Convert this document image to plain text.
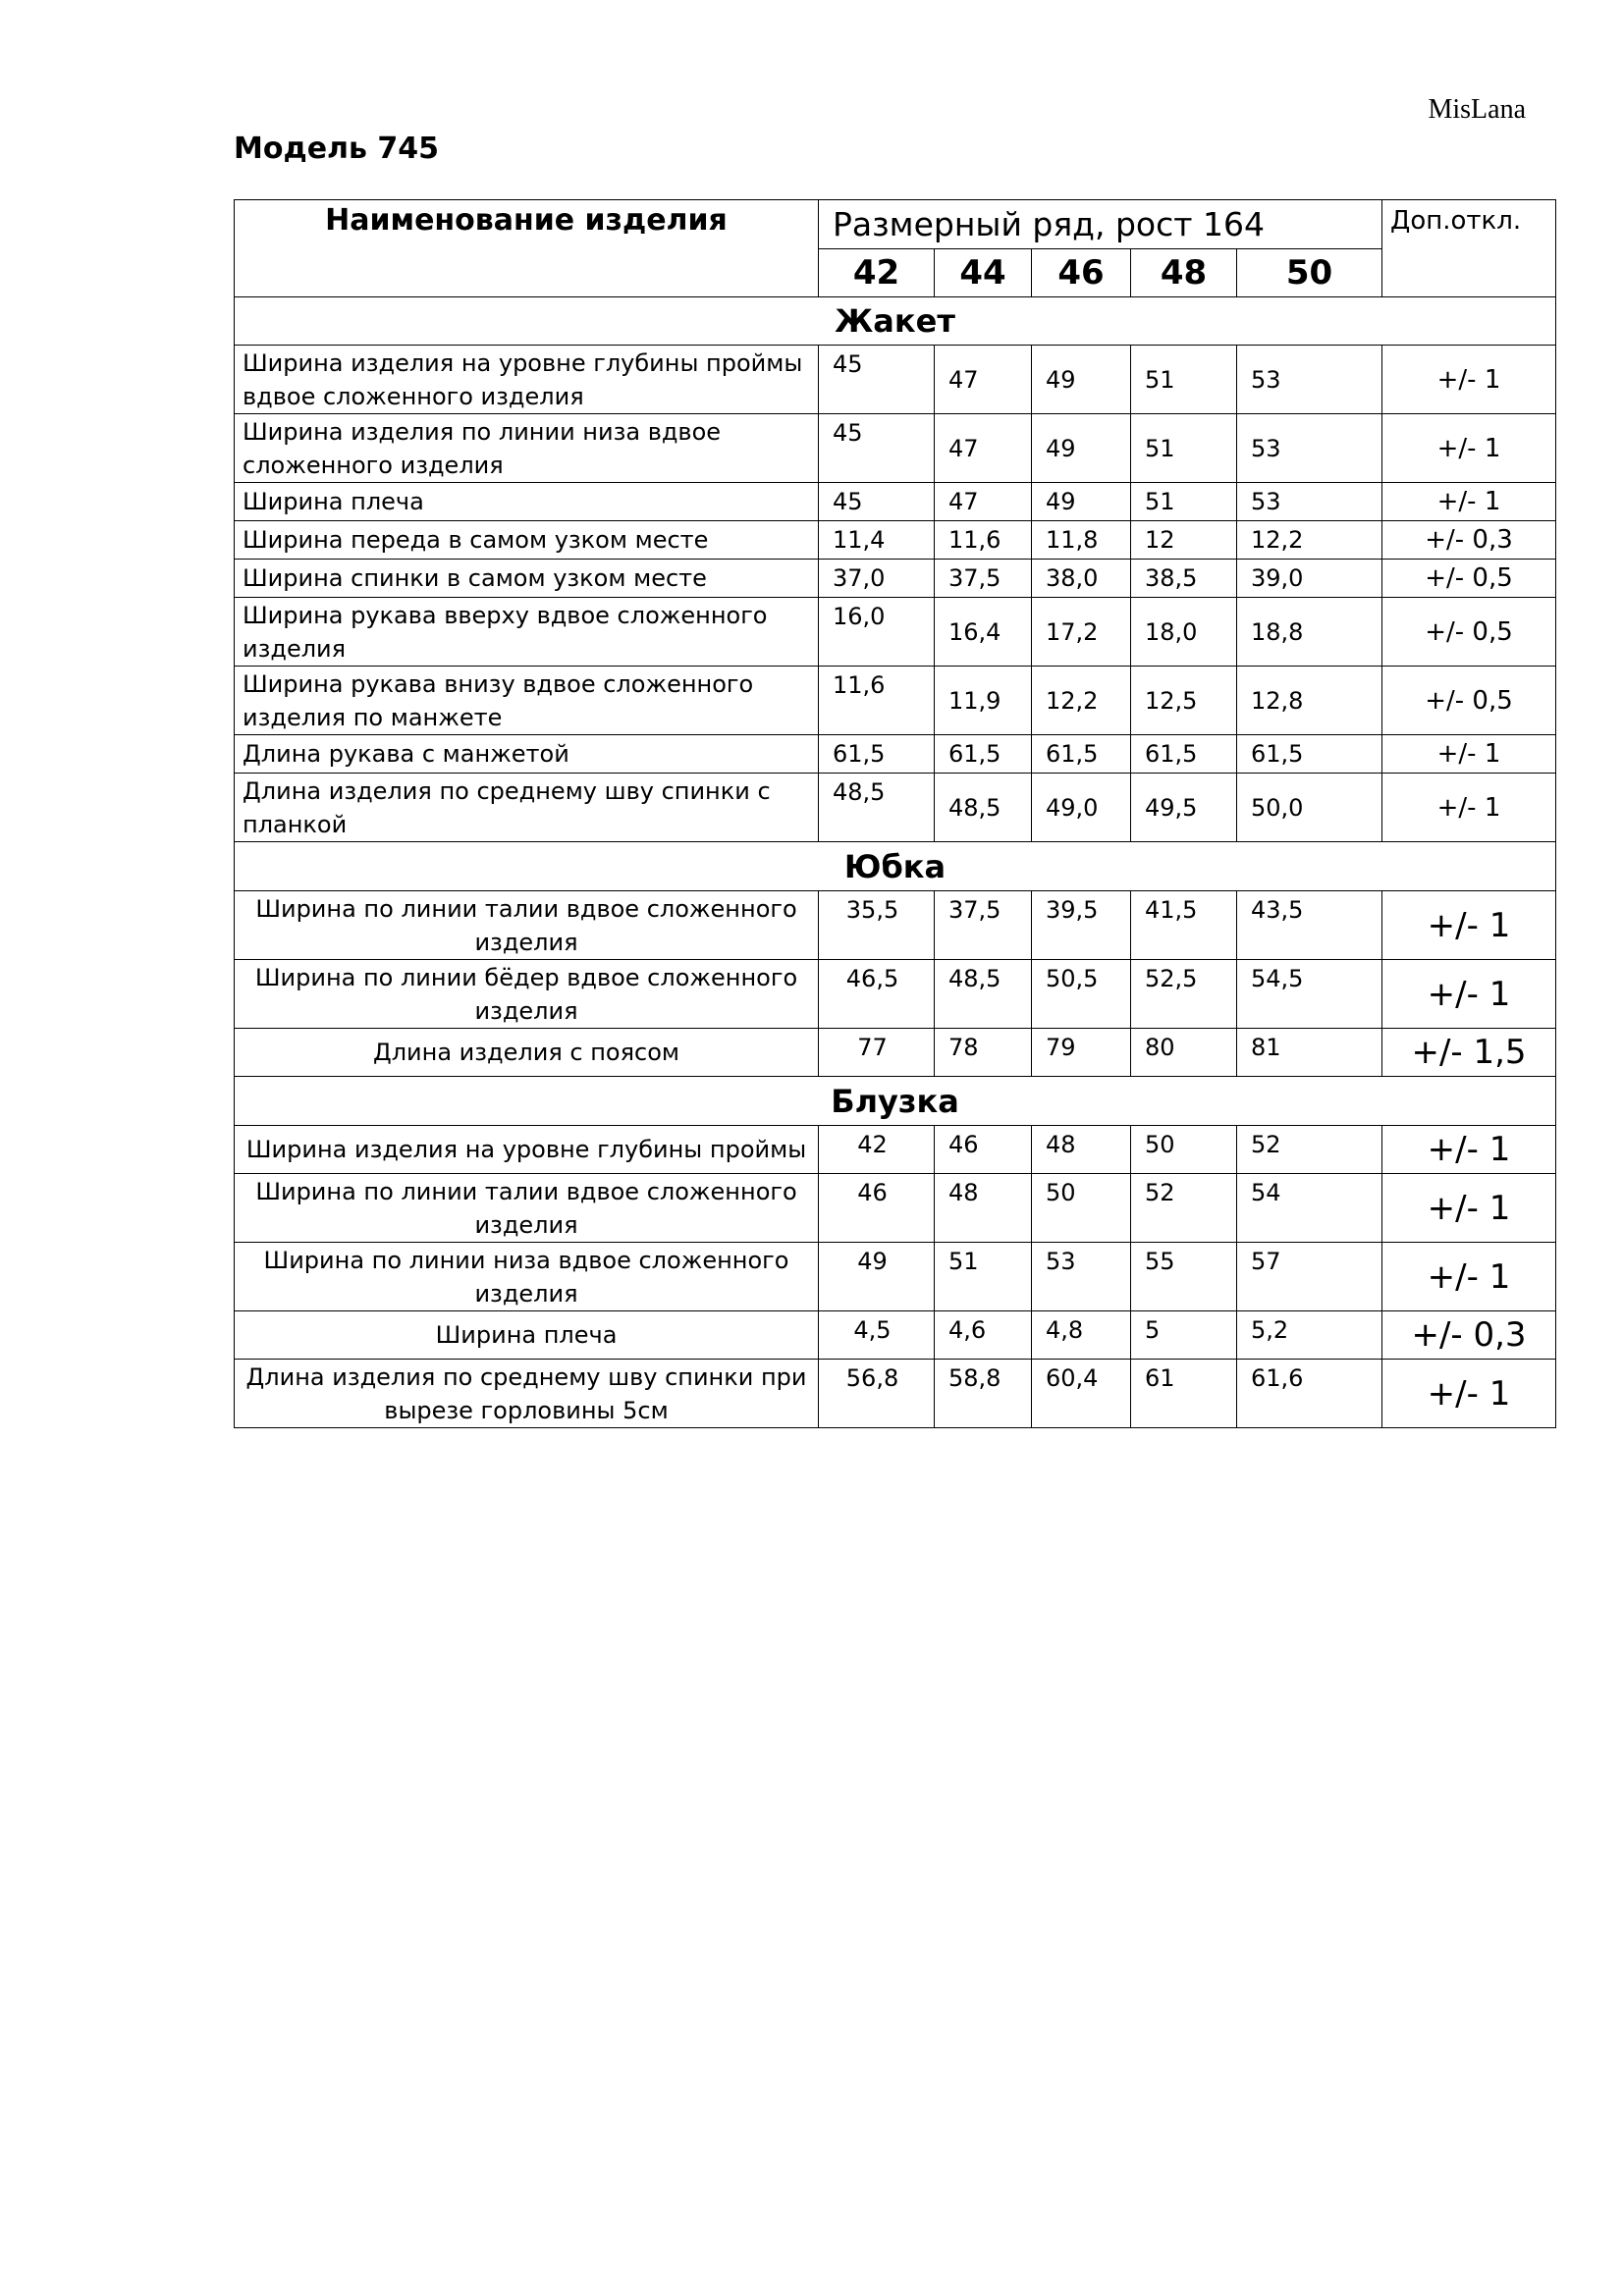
MisLana
Модель 745
Наименование изделия	Размерный ряд, рост 164					Доп.откл.
	42	44	46	48	50	
Жакет						
Ширина изделия на уровне глубины проймы вдвое сложенного изделия	45	47	49	51	53	+/- 1
Ширина изделия по линии низа вдвое сложенного изделия	45	47	49	51	53	+/- 1
Ширина плеча	45	47	49	51	53	+/- 1
Ширина переда в самом узком месте	11,4	11,6	11,8	12	12,2	+/- 0,3
Ширина спинки в самом узком месте	37,0	37,5	38,0	38,5	39,0	+/- 0,5
Ширина рукава вверху вдвое сложенного изделия	16,0	16,4	17,2	18,0	18,8	+/- 0,5
Ширина рукава внизу вдвое сложенного изделия по манжете	11,6	11,9	12,2	12,5	12,8	+/- 0,5
Длина рукава с манжетой	61,5	61,5	61,5	61,5	61,5	+/- 1
Длина изделия по среднему шву спинки с планкой	48,5	48,5	49,0	49,5	50,0	+/- 1
Юбка						
Ширина по линии талии вдвое сложенного изделия	35,5	37,5	39,5	41,5	43,5	+/- 1
Ширина по линии бёдер вдвое сложенного изделия	46,5	48,5	50,5	52,5	54,5	+/- 1
Длина изделия с поясом	77	78	79	80	81	+/- 1,5
Блузка						
Ширина изделия на уровне глубины проймы	42	46	48	50	52	+/- 1
Ширина по линии талии вдвое сложенного изделия	46	48	50	52	54	+/- 1
Ширина по линии низа вдвое сложенного изделия	49	51	53	55	57	+/- 1
Ширина плеча	4,5	4,6	4,8	5	5,2	+/- 0,3
Длина изделия по среднему шву спинки при вырезе горловины 5см	56,8	58,8	60,4	61	61,6	+/- 1
